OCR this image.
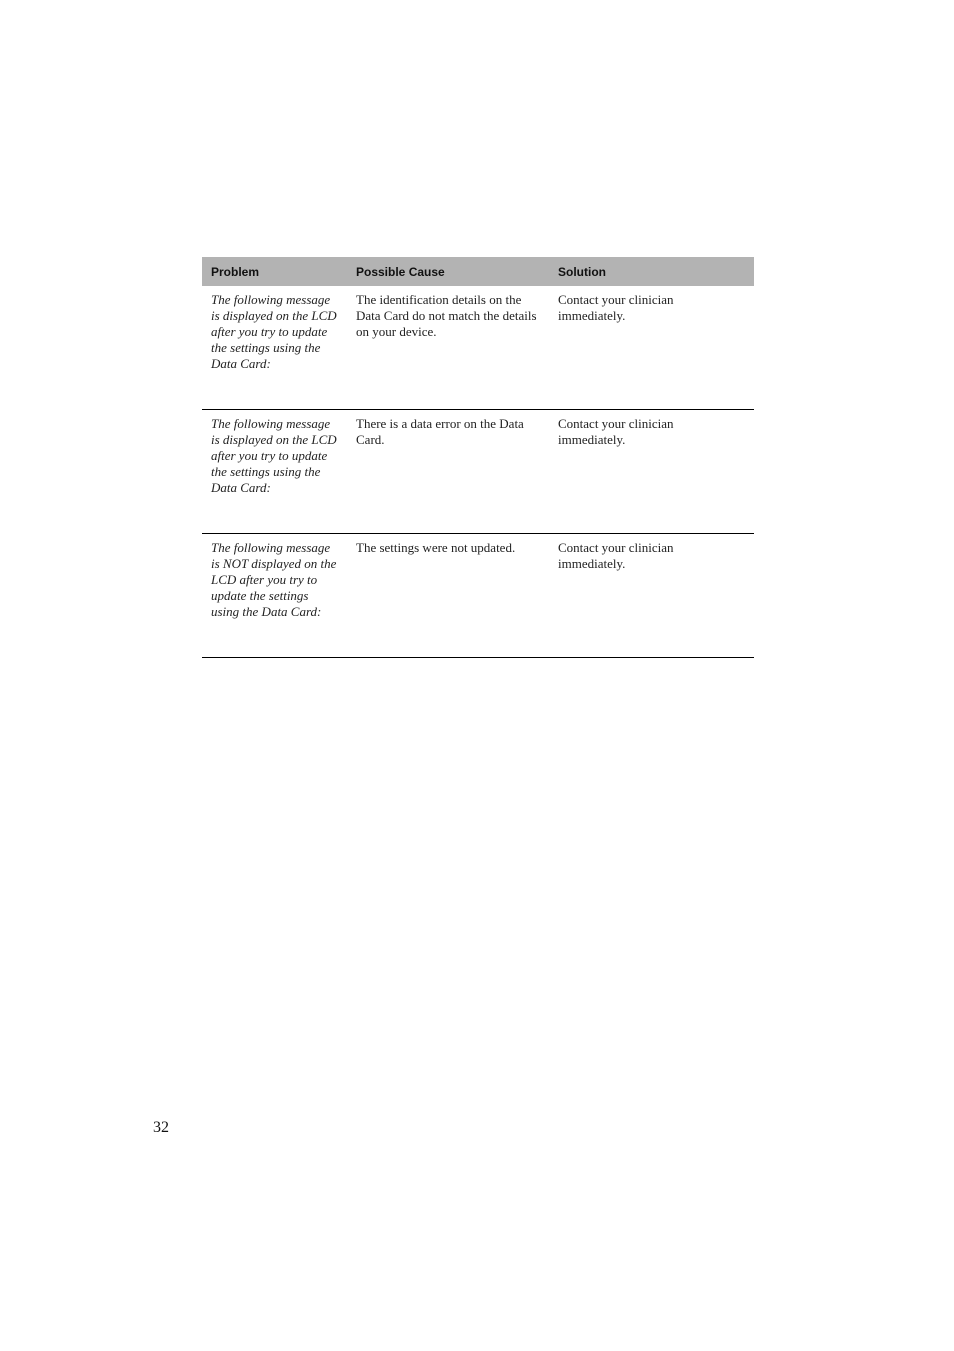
Problem	Possible Cause	Solution
The following message is displayed on the LCD after you try to update the settings using the Data Card:	The identification details on the Data Card do not match the details on your device.	Contact your clinician immediately.
The following message is displayed on the LCD after you try to update the settings using the Data Card:	There is a data error on the Data Card.	Contact your clinician immediately.
The following message is NOT displayed on the LCD after you try to update the settings using the Data Card:	The settings were not updated.	Contact your clinician immediately.
32
